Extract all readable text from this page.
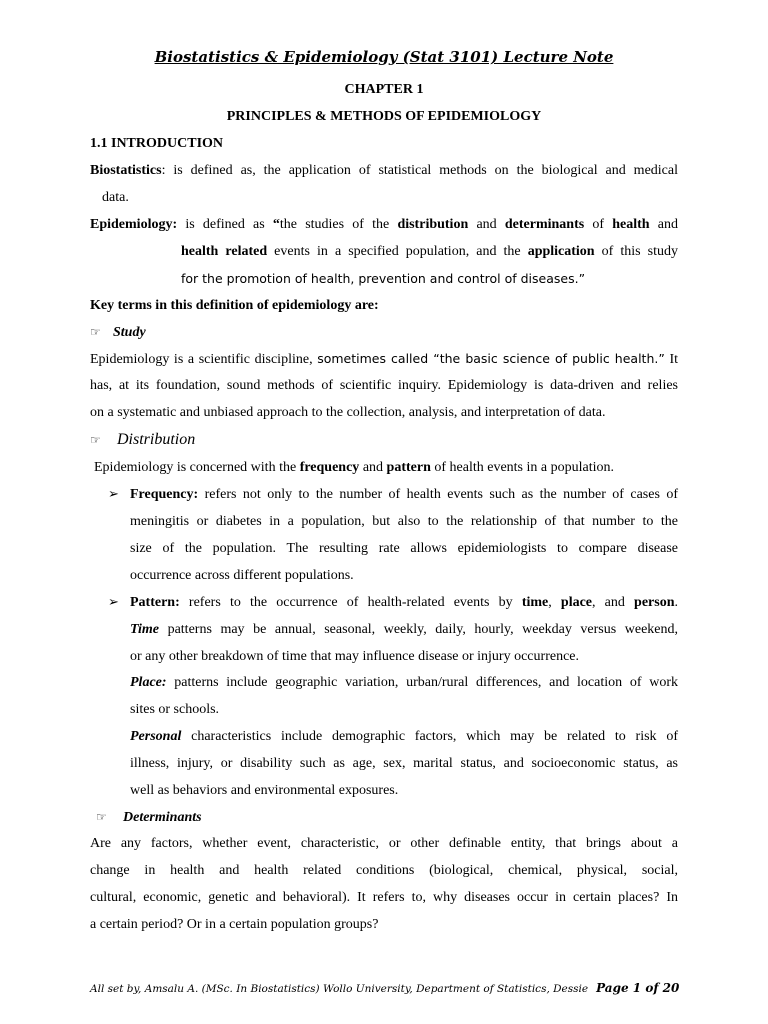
Biostatistics & Epidemiology (Stat 3101) Lecture Note
CHAPTER 1
PRINCIPLES & METHODS OF EPIDEMIOLOGY
1.1 INTRODUCTION
Biostatistics: is defined as, the application of statistical methods on the biological and medical
data.
Epidemiology: is defined as “the studies of the distribution and determinants of health and
health related events in a specified population, and the application of this study
for the promotion of health, prevention and control of diseases.”
Key terms in this definition of epidemiology are:
☞ Study
Epidemiology is a scientific discipline, sometimes called “the basic science of public health.” It
has, at its foundation, sound methods of scientific inquiry. Epidemiology is data-driven and relies
on a systematic and unbiased approach to the collection, analysis, and interpretation of data.
☞ Distribution
Epidemiology is concerned with the frequency and pattern of health events in a population.
➢ Frequency: refers not only to the number of health events such as the number of cases of
meningitis or diabetes in a population, but also to the relationship of that number to the
size of the population. The resulting rate allows epidemiologists to compare disease
occurrence across different populations.
➢ Pattern: refers to the occurrence of health-related events by time, place, and person.
Time patterns may be annual, seasonal, weekly, daily, hourly, weekday versus weekend,
or any other breakdown of time that may influence disease or injury occurrence.
Place: patterns include geographic variation, urban/rural differences, and location of work
sites or schools.
Personal characteristics include demographic factors, which may be related to risk of
illness, injury, or disability such as age, sex, marital status, and socioeconomic status, as
well as behaviors and environmental exposures.
☞ Determinants
Are any factors, whether event, characteristic, or other definable entity, that brings about a
change in health and health related conditions (biological, chemical, physical, social,
cultural, economic, genetic and behavioral). It refers to, why diseases occur in certain places? In
a certain period? Or in a certain population groups?
All set by, Amsalu A. (MSc. In Biostatistics) Wollo University, Department of Statistics, Dessie Page 1 of 20
